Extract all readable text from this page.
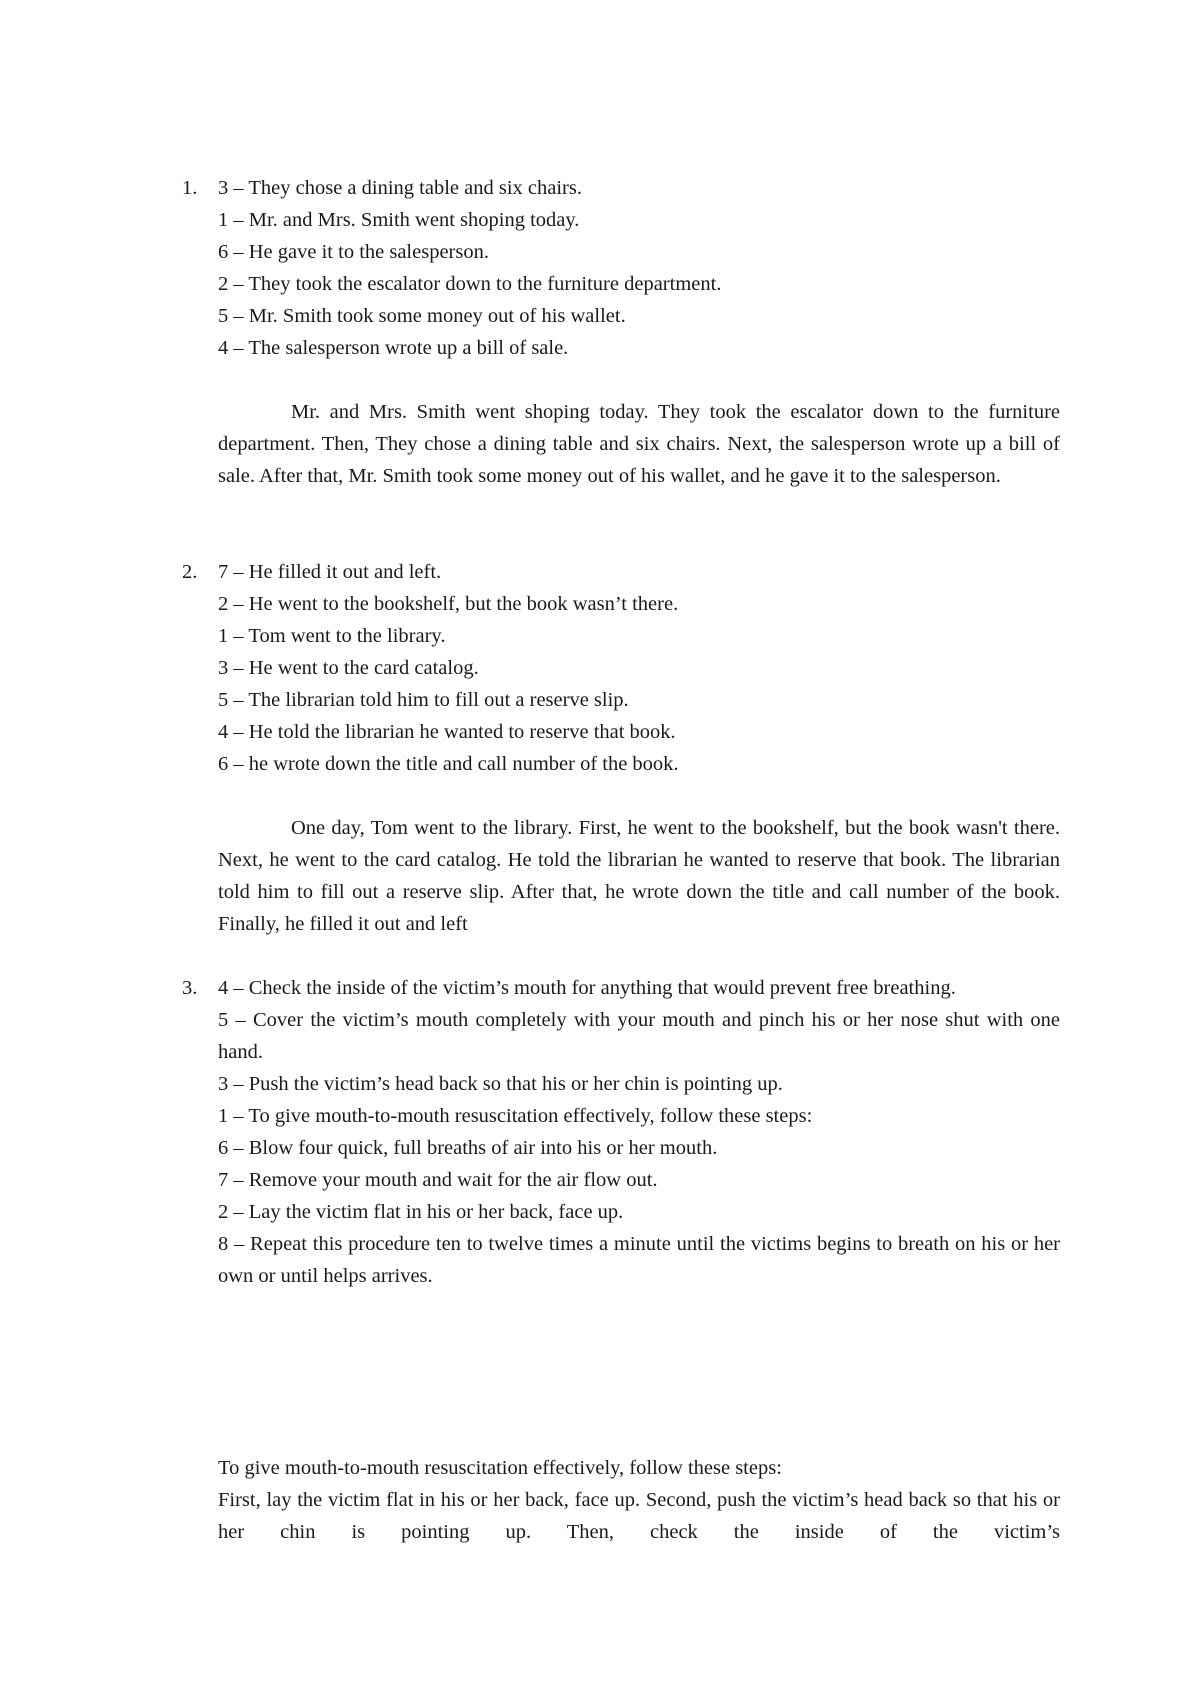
1.	3 – They chose a dining table and six chairs.
1 – Mr. and Mrs. Smith went shoping today.
6 – He gave it to the salesperson.
2 – They took the escalator down to the furniture department.
5 – Mr. Smith took some money out of his wallet.
4 – The salesperson wrote up a bill of sale.
Mr. and Mrs. Smith went shoping today. They took the escalator down to the furniture department. Then, They chose a dining table and six chairs. Next, the salesperson wrote up a bill of sale. After that, Mr. Smith took some money out of his wallet, and he gave it to the salesperson.
2.	7 – He filled it out and left.
2 – He went to the bookshelf, but the book wasn’t there.
1 – Tom went to the library.
3 – He went to the card catalog.
5 – The librarian told him to fill out a reserve slip.
4 – He told the librarian he wanted to reserve that book.
6 – he wrote down the title and call number of the book.
One day, Tom went to the library. First, he went to the bookshelf, but the book wasn't there. Next, he went to the card catalog. He told the librarian he wanted to reserve that book. The librarian told him to fill out a reserve slip. After that, he wrote down the title and call number of the book. Finally, he filled it out and left
3.	4 – Check the inside of the victim’s mouth for anything that would prevent free breathing.
5 – Cover the victim’s mouth completely with your mouth and pinch his or her nose shut with one hand.
3 – Push the victim’s head back so that his or her chin is pointing up.
1 – To give mouth-to-mouth resuscitation effectively, follow these steps:
6 – Blow four quick, full breaths of air into his or her mouth.
7 – Remove your mouth and wait for the air flow out.
2 – Lay the victim flat in his or her back, face up.
8 – Repeat this procedure ten to twelve times a minute until the victims begins to breath on his or her own or until helps arrives.
To give mouth-to-mouth resuscitation effectively, follow these steps:
First, lay the victim flat in his or her back, face up. Second, push the victim’s head back so that his or her chin is pointing up. Then, check the inside of the victim’s
